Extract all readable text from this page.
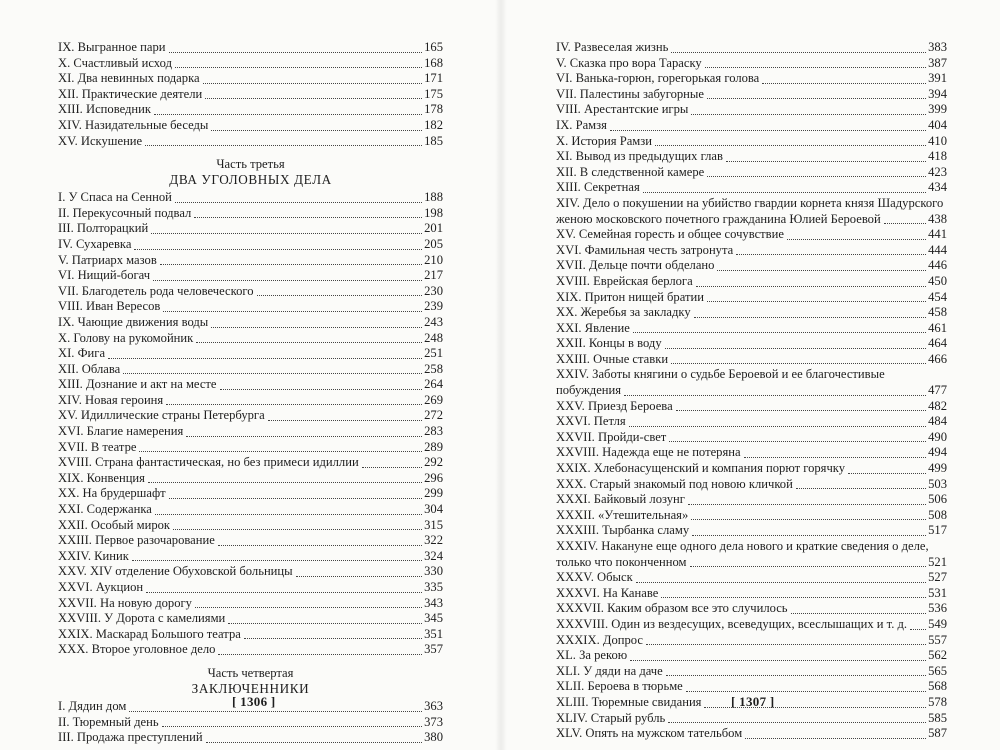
IX. Выгранное пари	165
X. Счастливый исход	168
XI. Два невинных подарка	171
XII. Практические деятели	175
XIII. Исповедник	178
XIV. Назидательные беседы	182
XV. Искушение	185
Часть третья
ДВА УГОЛОВНЫХ ДЕЛА
I. У Спаса на Сенной	188
II. Перекусочный подвал	198
III. Полторацкий	201
IV. Сухаревка	205
V. Патриарх мазов	210
VI. Нищий-богач	217
VII. Благодетель рода человеческого	230
VIII. Иван Вересов	239
IX. Чающие движения воды	243
X. Голову на рукомойник	248
XI. Фига	251
XII. Облава	258
XIII. Дознание и акт на месте	264
XIV. Новая героиня	269
XV. Идиллические страны Петербурга	272
XVI. Благие намерения	283
XVII. В театре	289
XVIII. Страна фантастическая, но без примеси идиллии	292
XIX. Конвенция	296
XX. На брудершафт	299
XXI. Содержанка	304
XXII. Особый мирок	315
XXIII. Первое разочарование	322
XXIV. Киник	324
XXV. XIV отделение Обуховской больницы	330
XXVI. Аукцион	335
XXVII. На новую дорогу	343
XXVIII. У Дорота с камелиями	345
XXIX. Маскарад Большого театра	351
XXX. Второе уголовное дело	357
Часть четвертая
ЗАКЛЮЧЕННИКИ
I. Дядин дом	363
II. Тюремный день	373
III. Продажа преступлений	380
IV. Развеселая жизнь	383
V. Сказка про вора Тараску	387
VI. Ванька-горюн, горегорькая голова	391
VII. Палестины забугорные	394
VIII. Арестантские игры	399
IX. Рамзя	404
X. История Рамзи	410
XI. Вывод из предыдущих глав	418
XII. В следственной камере	423
XIII. Секретная	434
XIV. Дело о покушении на убийство гвардии корнета князя Шадурского
женою московского почетного гражданина Юлией Бероевой	438
XV. Семейная горесть и общее сочувствие	441
XVI. Фамильная честь затронута	444
XVII. Дельце почти обделано	446
XVIII. Еврейская берлога	450
XIX. Притон нищей братии	454
XX. Жеребья за закладку	458
XXI. Явление	461
XXII. Концы в воду	464
XXIII. Очные ставки	466
XXIV. Заботы княгини о судьбе Бероевой и ее благочестивые
побуждения	477
XXV. Приезд Бероева	482
XXVI. Петля	484
XXVII. Пройди-свет	490
XXVIII. Надежда еще не потеряна	494
XXIX. Хлебонасущенский и компания порют горячку	499
XXX. Старый знакомый под новою кличкой	503
XXXI. Байковый лозунг	506
XXXII. «Утешительная»	508
XXXIII. Тырбанка сламу	517
XXXIV. Накануне еще одного дела нового и краткие сведения о деле,
только что поконченном	521
XXXV. Обыск	527
XXXVI. На Канаве	531
XXXVII. Каким образом все это случилось	536
XXXVIII. Один из вездесущих, всеведущих, всеслышащих и т. д. 549
XXXIX. Допрос	557
XL. За рекою	562
XLI. У дяди на даче	565
XLII. Бероева в тюрьме	568
XLIII. Тюремные свидания	578
XLIV. Старый рубль	585
XLV. Опять на мужском тательбом	587
[ 1306 ]	[ 1307 ]
